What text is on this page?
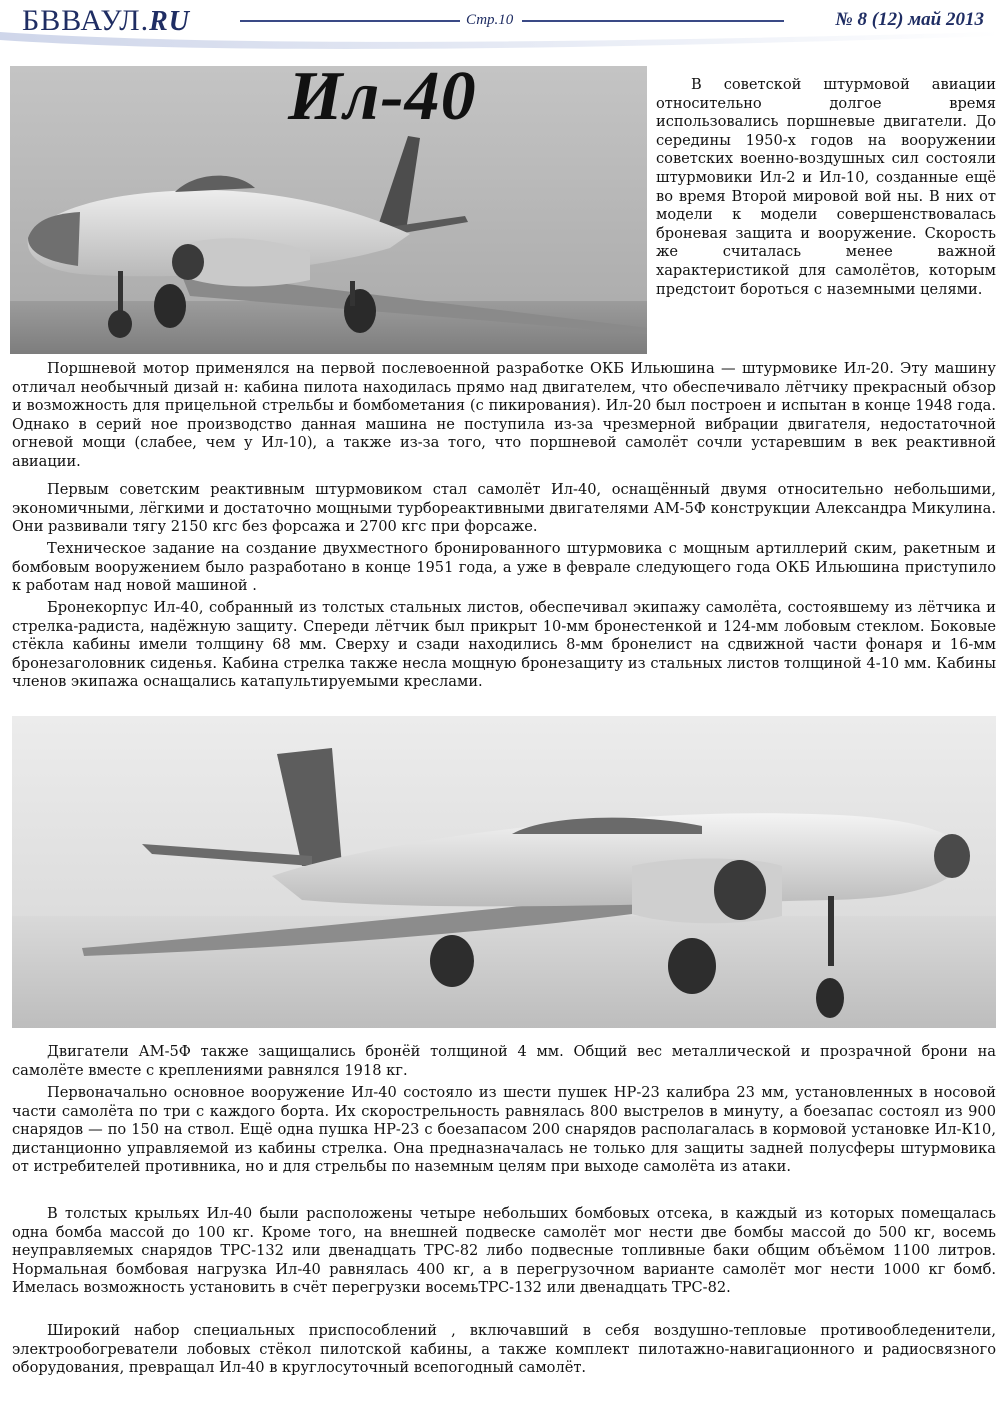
БВВАУЛ.RU	Стр.10	№ 8 (12) май 2013
Ил-40	В советской штурмовой авиации относительно долгое время использовались поршневые двигатели. До середины 1950-х годов на вооружении советских военно-воздушных сил состояли штурмовики Ил-2 и Ил-10, созданные ещё во время Второй мировой вой ны. В них от модели к модели совершенствовалась броневая защита и вооружение. Скорость же считалась менее важной характеристикой для самолётов, которым предстоит бороться с наземными целями.
Поршневой мотор применялся на первой послевоенной разработке ОКБ Ильюшина — штурмовике Ил-20. Эту машину отличал необычный дизай н: кабина пилота находилась прямо над двигателем, что обеспечивало лётчику прекрасный обзор и возможность для прицельной стрельбы и бомбометания (с пикирования). Ил-20 был построен и испытан в конце 1948 года. Однако в серий ное производство данная машина не поступила из-за чрезмерной вибрации двигателя, недостаточной огневой мощи (слабее, чем у Ил-10), а также из-за того, что поршневой самолёт сочли устаревшим в век реактивной авиации.
Первым советским реактивным штурмовиком стал самолёт Ил-40, оснащённый двумя относительно небольшими, экономичными, лёгкими и достаточно мощными турбореактивными двигателями АМ-5Ф конструкции Александра Микулина. Они развивали тягу 2150 кгс без форсажа и 2700 кгс при форсаже.
Техническое задание на создание двухместного бронированного штурмовика с мощным артиллерий ским, ракетным и бомбовым вооружением было разработано в конце 1951 года, а уже в феврале следующего года ОКБ Ильюшина приступило к работам над новой машиной .
Бронекорпус Ил-40, собранный из толстых стальных листов, обеспечивал экипажу самолёта, состоявшему из лётчика и стрелка-радиста, надёжную защиту. Спереди лётчик был прикрыт 10-мм бронестенкой и 124-мм лобовым стеклом. Боковые стёкла кабины имели толщину 68 мм. Сверху и сзади находились 8-мм бронелист на сдвижной части фонаря и 16-мм бронезаголовник сиденья. Кабина стрелка также несла мощную бронезащиту из стальных листов толщиной 4-10 мм. Кабины членов экипажа оснащались катапультируемыми креслами.
Двигатели АМ-5Ф также защищались бронёй толщиной 4 мм. Общий вес металлической и прозрачной брони на самолёте вместе с креплениями равнялся 1918 кг.
Первоначально основное вооружение Ил-40 состояло из шести пушек НР-23 калибра 23 мм, установленных в носовой части самолёта по три с каждого борта. Их скорострельность равнялась 800 выстрелов в минуту, а боезапас состоял из 900 снарядов — по 150 на ствол. Ещё одна пушка НР-23 с боезапасом 200 снарядов располагалась в кормовой установке Ил-К10, дистанционно управляемой из кабины стрелка. Она предназначалась не только для защиты задней полусферы штурмовика от истребителей противника, но и для стрельбы по наземным целям при выходе самолёта из атаки.
В толстых крыльях Ил-40 были расположены четыре небольших бомбовых отсека, в каждый из которых помещалась одна бомба массой до 100 кг. Кроме того, на внешней подвеске самолёт мог нести две бомбы массой до 500 кг, восемь неуправляемых снарядов ТРС-132 или двенадцать ТРС-82 либо подвесные топливные баки общим объёмом 1100 литров. Нормальная бомбовая нагрузка Ил-40 равнялась 400 кг, а в перегрузочном варианте самолёт мог нести 1000 кг бомб. Имелась возможность установить в счёт перегрузки восемьТРС-132 или двенадцать ТРС-82.
Широкий набор специальных приспособлений , включавший в себя воздушно-тепловые противообледенители, электрообогреватели лобовых стёкол пилотской кабины, а также комплект пилотажно-навигационного и радиосвязного оборудования, превращал Ил-40 в круглосуточный всепогодный самолёт.
